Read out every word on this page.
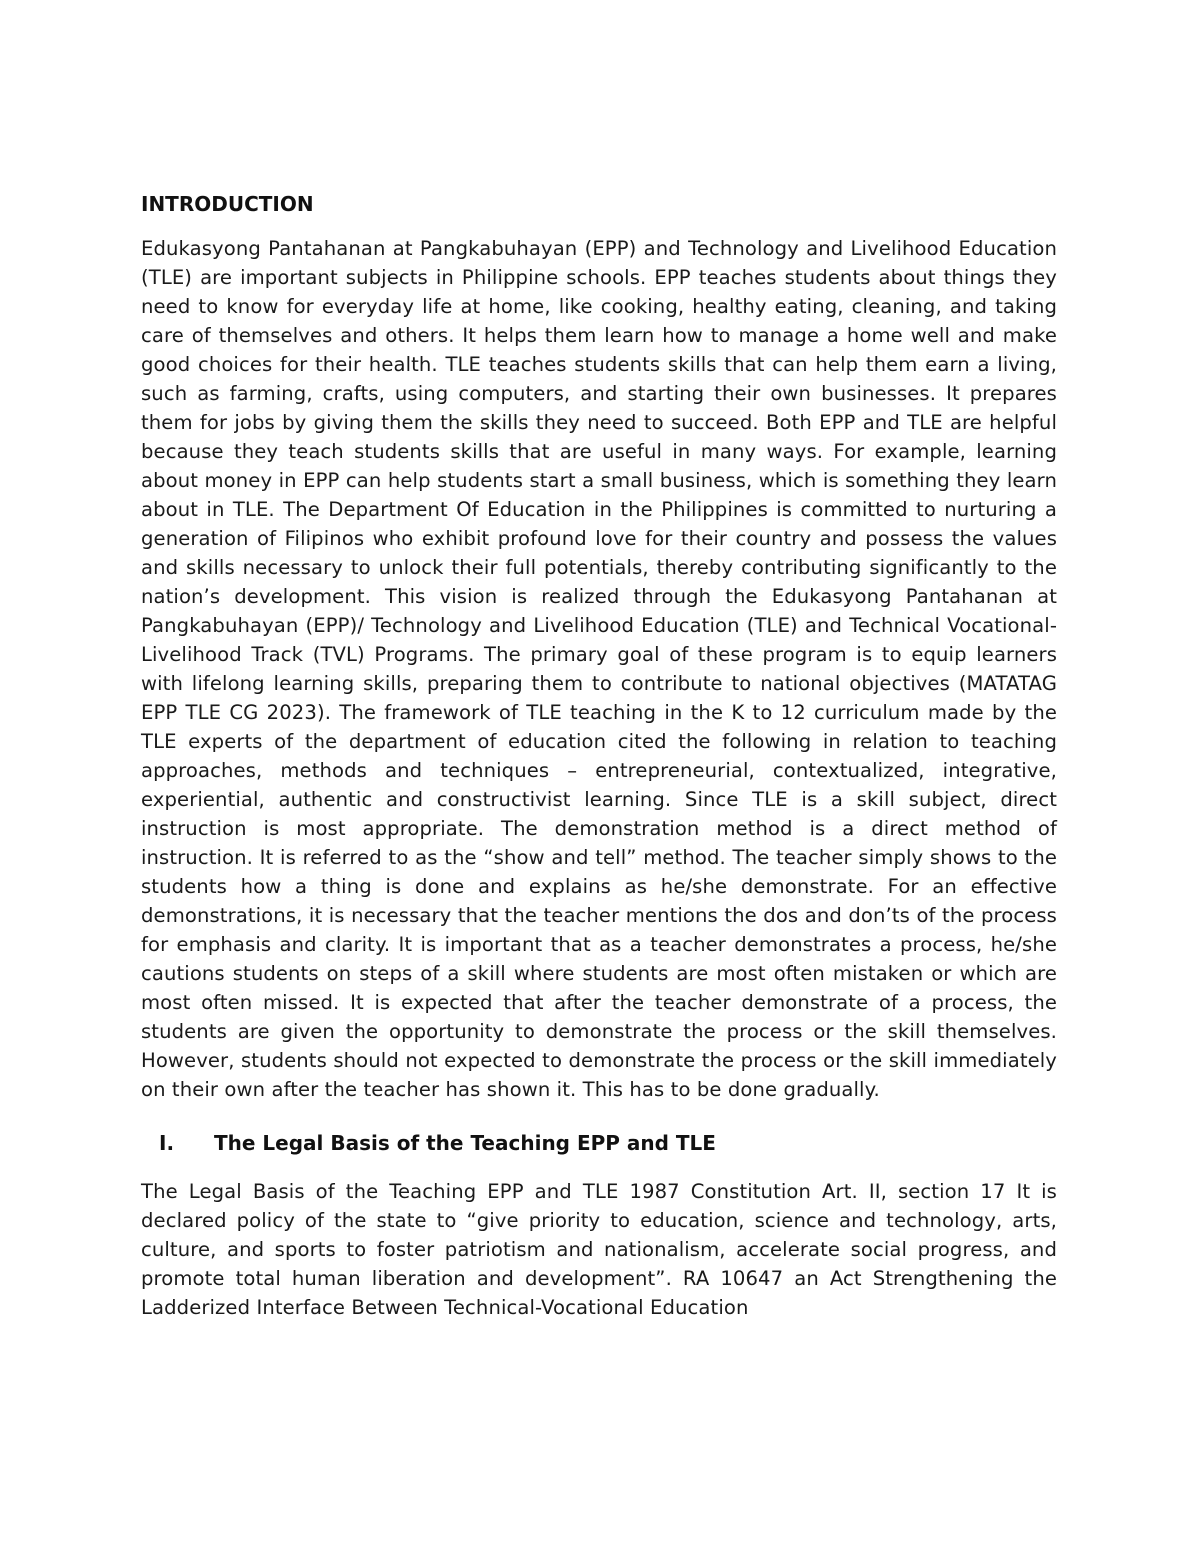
INTRODUCTION

Edukasyong Pantahanan at Pangkabuhayan (EPP) and Technology and Livelihood Education (TLE) are important subjects in Philippine schools. EPP teaches students about things they need to know for everyday life at home, like cooking, healthy eating, cleaning, and taking care of themselves and others. It helps them learn how to manage a home well and make good choices for their health. TLE teaches students skills that can help them earn a living, such as farming, crafts, using computers, and starting their own businesses. It prepares them for jobs by giving them the skills they need to succeed. Both EPP and TLE are helpful because they teach students skills that are useful in many ways. For example, learning about money in EPP can help students start a small business, which is something they learn about in TLE. The Department Of Education in the Philippines is committed to nurturing a generation of Filipinos who exhibit profound love for their country and possess the values and skills necessary to unlock their full potentials, thereby contributing significantly to the nation’s development. This vision is realized through the Edukasyong Pantahanan at Pangkabuhayan (EPP)/ Technology and Livelihood Education (TLE) and Technical Vocational-Livelihood Track (TVL) Programs. The primary goal of these program is to equip learners with lifelong learning skills, preparing them to contribute to national objectives (MATATAG EPP TLE CG 2023). The framework of TLE teaching in the K to 12 curriculum made by the TLE experts of the department of education cited the following in relation to teaching approaches, methods and techniques – entrepreneurial, contextualized, integrative, experiential, authentic and constructivist learning. Since TLE is a skill subject, direct instruction is most appropriate. The demonstration method is a direct method of instruction. It is referred to as the “show and tell” method. The teacher simply shows to the students how a thing is done and explains as he/she demonstrate. For an effective demonstrations, it is necessary that the teacher mentions the dos and don’ts of the process for emphasis and clarity. It is important that as a teacher demonstrates a process, he/she cautions students on steps of a skill where students are most often mistaken or which are most often missed. It is expected that after the teacher demonstrate of a process, the students are given the opportunity to demonstrate the process or the skill themselves. However, students should not expected to demonstrate the process or the skill immediately on their own after the teacher has shown it. This has to be done gradually.

I.	The Legal Basis of the Teaching EPP and TLE

The Legal Basis of the Teaching EPP and TLE 1987 Constitution Art. II, section 17 It is declared policy of the state to “give priority to education, science and technology, arts, culture, and sports to foster patriotism and nationalism, accelerate social progress, and promote total human liberation and development”. RA 10647 an Act Strengthening the Ladderized Interface Between Technical-Vocational Education
